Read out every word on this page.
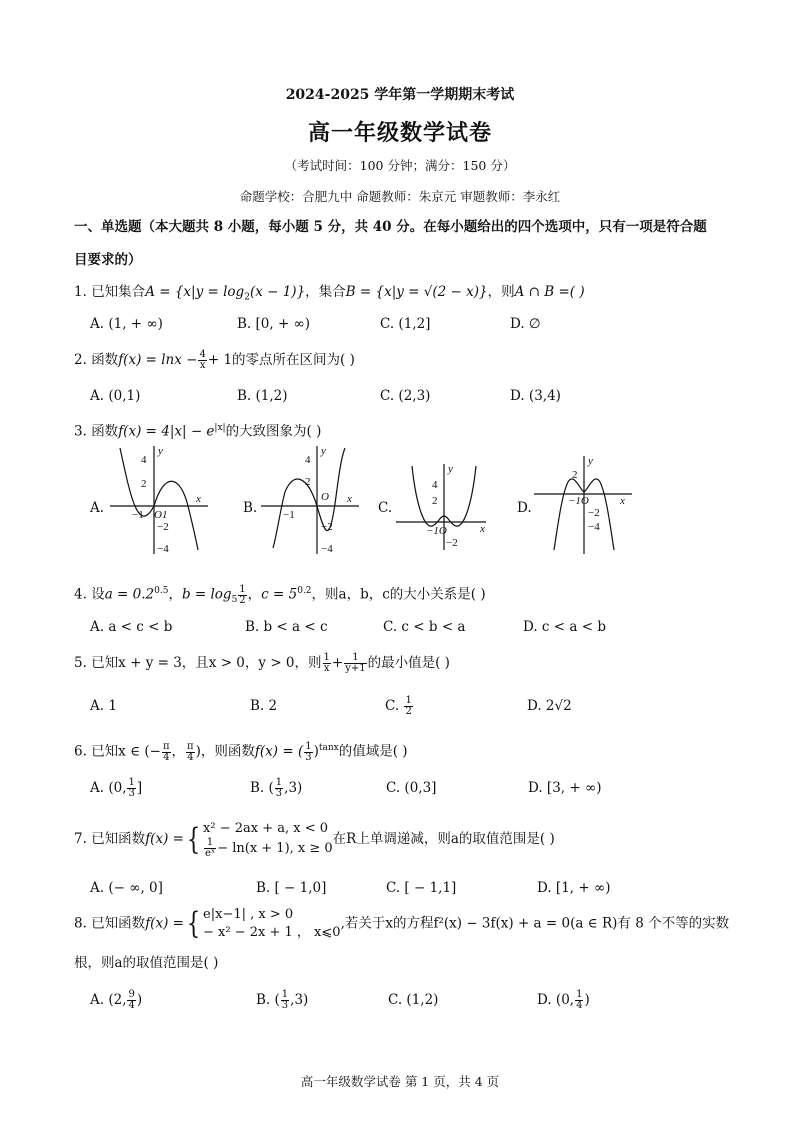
2024-2025 学年第一学期期末考试
高一年级数学试卷
（考试时间：100 分钟；满分：150 分）
命题学校：合肥九中 命题教师：朱京元 审题教师：李永红
一、单选题（本大题共 8 小题，每小题 5 分，共 40 分。在每小题给出的四个选项中，只有一项是符合题
目要求的）
1. 已知集合$A = \{x|y = \log_2(x - 1)\}$，集合B = {x|y = √(2 − x)}，则A ∩ B =( )
A. (1, + ∞)	B. [0, + ∞)	C. (1,2]	D. ∅
2. 函数$f(x) = \ln x - \frac{4}{x} + 1$的零点所在区间为( )
A. (0,1)	B. (1,2)	C. (2,3)	D. (3,4)
3. 函数$f(x) = 4|x| - e^{|x|}$的大致图象为( )
A.	B.	C.	D.
y
x
4
2
−2
−4
−1 O1
y
x
4
2
−2
−4
−1
O
y
x
4
2
−2
−1O
y
x
2
−2
−4
−1O
4. 设$a = 0.2^{0.5}$，$b = \log_5 \frac{1}{2}$ ，$c = 5^{0.2}$，则a，b，c的大小关系是( )
A. a < c < b	B. b < a < c	C. c < b < a	D. c < a < b
5. 已知x + y = 3，且x > 0，y > 0，则 $\frac{1}{x} + \frac{1}{y+1}$ 的最小值是( )
A. 1	B. 2	C. $\frac{1}{2}$	D. 2√2
6. 已知x ∈ (− $\frac{\pi}{4}$ ， $\frac{\pi}{4}$ )，则函数f(x) = ( $\frac{1}{3} )^{tanx}$的值域是( )
A. (0, $\frac{1}{3}$ ]	B. ( $\frac{1}{3} ,3$)	C. (0,3]	D. [3, + ∞)
7. 已知函数f(x) ={ x² − 2ax + a, x < 0
$\frac{1}{\text{eˣ}} - \ln(x + 1)$, x ≥ 0
在R上单调递减，则a的取值范围是( )
A. (− ∞, 0]	B. [ − 1,0]	C. [ − 1,1]	D. [1, + ∞)
8. 已知函数f(x) ={ e|x−1| , x > 0
− x² − 2x + 1 ， x⩽0
,若关于x的方程f²(x) − 3f(x) + a = 0(a ∈ R)有 8 个不等的实数
根，则a的取值范围是( )
A. (2, $\frac{9}{4}$ )	B. ( $\frac{1}{3} ,3$)	C. (1,2)	D. (0, $\frac{1}{4}$ )
高一年级数学试卷 第 1 页，共 4 页
